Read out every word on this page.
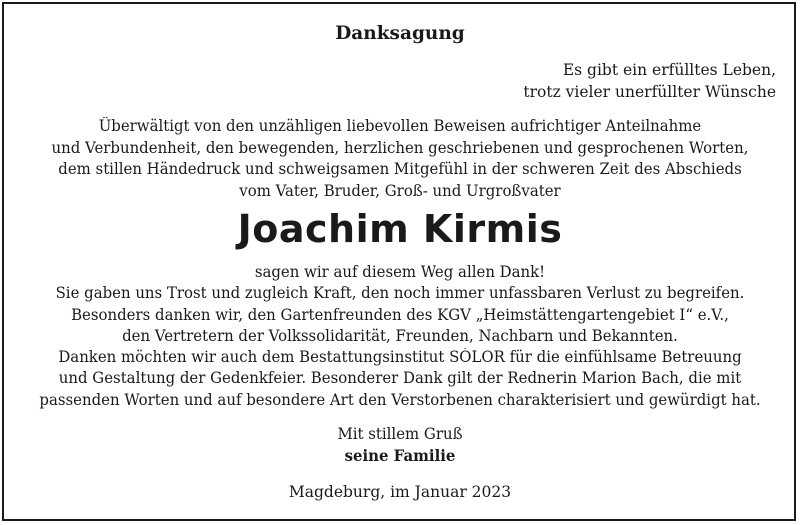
Danksagung
Es gibt ein erfülltes Leben,
trotz vieler unerfüllter Wünsche
Überwältigt von den unzähligen liebevollen Beweisen aufrichtiger Anteilnahme
und Verbundenheit, den bewegenden, herzlichen geschriebenen und gesprochenen Worten,
dem stillen Händedruck und schweigsamen Mitgefühl in der schweren Zeit des Abschieds
vom Vater, Bruder, Groß- und Urgroßvater
Joachim Kirmis
sagen wir auf diesem Weg allen Dank!
Sie gaben uns Trost und zugleich Kraft, den noch immer unfassbaren Verlust zu begreifen.
Besonders danken wir, den Gartenfreunden des KGV „Heimstättengartengebiet I“ e.V.,
den Vertretern der Volkssolidarität, Freunden, Nachbarn und Bekannten.
Danken möchten wir auch dem Bestattungsinstitut SÓLOR für die einfühlsame Betreuung
und Gestaltung der Gedenkfeier. Besonderer Dank gilt der Rednerin Marion Bach, die mit
passenden Worten und auf besondere Art den Verstorbenen charakterisiert und gewürdigt hat.
Mit stillem Gruß
seine Familie
Magdeburg, im Januar 2023
